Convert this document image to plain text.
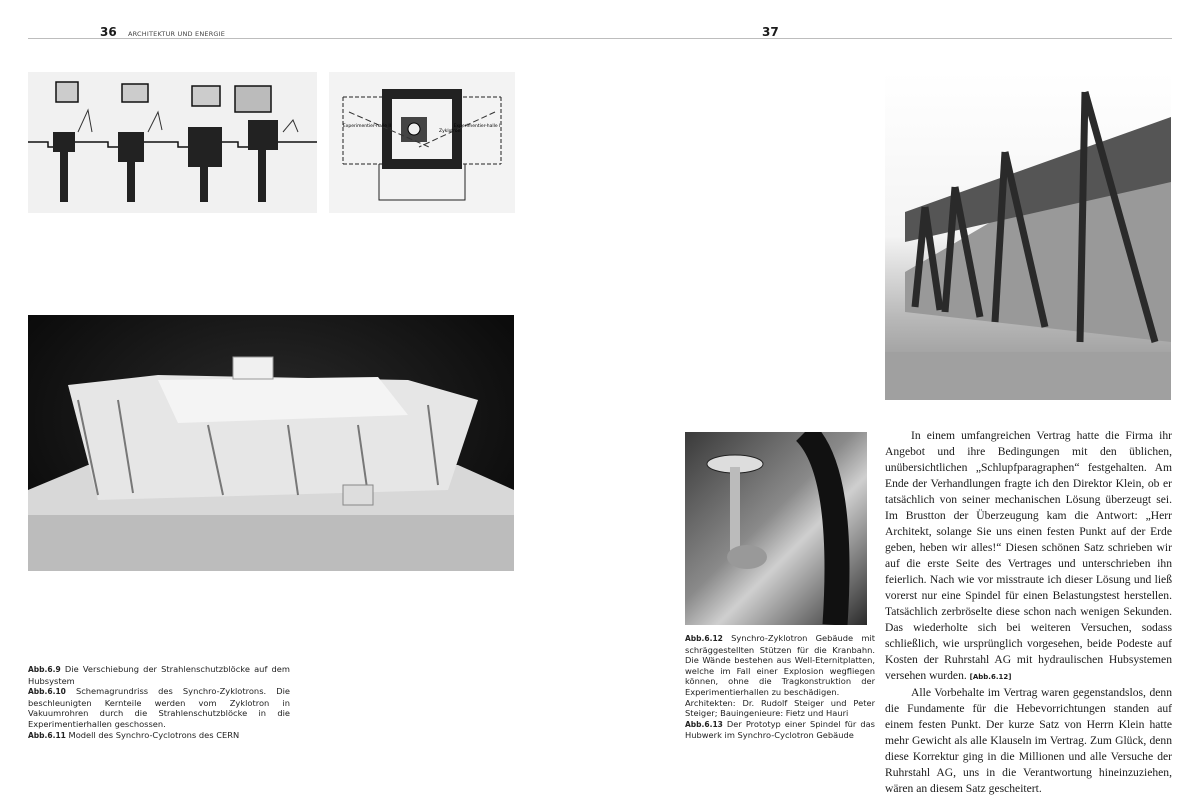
36 ARCHITEKTUR UND ENERGIE	37
Experimentier-halle II	Experimentier-halle I
Zyklotron

Abb.6.9 Die Verschiebung der Strahlenschutzblöcke auf dem Hubsystem

Abb.6.10 Schemagrundriss des Synchro-Zyklotrons. Die beschleunigten Kernteile werden vom Zyklotron in Vakuumrohren durch die Strahlenschutzblöcke in die Experimentierhallen geschossen.

Abb.6.11 Modell des Synchro-Cyclotrons des CERN

Abb.6.12 Synchro-Zyklotron Gebäude mit schräggestellten Stützen für die Kranbahn. Die Wände bestehen aus Well-Eternitplatten, welche im Fall einer Explosion wegfliegen können, ohne die Tragkonstruktion der Experimentierhallen zu beschädigen.

Architekten: Dr. Rudolf Steiger und Peter Steiger; Bauingenieure: Fietz und Hauri

Abb.6.13 Der Prototyp einer Spindel für das Hubwerk im Synchro-Cyclotron Gebäude

In einem umfangreichen Vertrag hatte die Firma ihr Angebot und ihre Bedingungen mit den üblichen, unübersichtlichen „Schlupfparagraphen“ festgehalten. Am Ende der Verhandlungen fragte ich den Direktor Klein, ob er tatsächlich von seiner mechanischen Lösung überzeugt sei. Im Brustton der Überzeugung kam die Antwort: „Herr Architekt, solange Sie uns einen festen Punkt auf der Erde geben, heben wir alles!“ Diesen schönen Satz schrieben wir auf die erste Seite des Vertrages und unterschrieben ihn feierlich. Nach wie vor misstraute ich dieser Lösung und ließ vorerst nur eine Spindel für einen Belastungstest herstellen. Tatsächlich zerbröselte diese schon nach wenigen Sekunden. Das wiederholte sich bei weiteren Versuchen, sodass schließlich, wie ursprünglich vorgesehen, beide Podeste auf Kosten der Ruhrstahl AG mit hydraulischen Hubsystemen versehen wurden. [Abb.6.12]

Alle Vorbehalte im Vertrag waren gegenstandslos, denn die Fundamente für die Hebevorrichtungen standen auf einem festen Punkt. Der kurze Satz von Herrn Klein hatte mehr Gewicht als alle Klauseln im Vertrag. Zum Glück, denn diese Korrektur ging in die Millionen und alle Versuche der Ruhrstahl AG, uns in die Verantwortung hineinzuziehen, wären an diesem Satz gescheitert.
